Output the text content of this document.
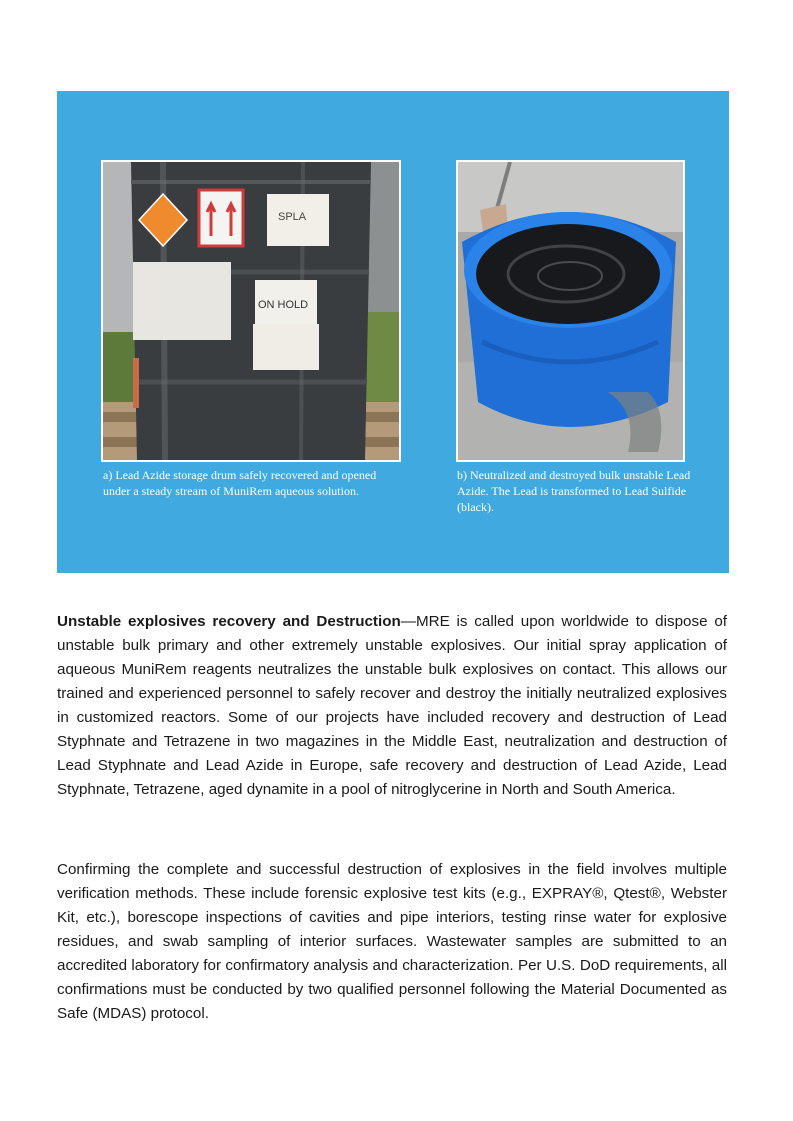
SPLA
ON HOLD
a) Lead Azide storage drum safely recovered and opened under a steady stream of MuniRem aqueous solution.
b) Neutralized and destroyed bulk unstable Lead Azide. The Lead is transformed to Lead Sulfide (black).

Unstable explosives recovery and Destruction—MRE is called upon worldwide to dispose of unstable bulk primary and other extremely unstable explosives. Our initial spray application of aqueous MuniRem reagents neutralizes the unstable bulk explosives on contact. This allows our trained and experienced personnel to safely recover and destroy the initially neutralized explosives in customized reactors. Some of our projects have included recovery and destruction of Lead Styphnate and Tetrazene in two magazines in the Middle East, neutralization and destruction of Lead Styphnate and Lead Azide in Europe, safe recovery and destruction of Lead Azide, Lead Styphnate, Tetrazene, aged dynamite in a pool of nitroglycerine in North and South America.

Confirming the complete and successful destruction of explosives in the field involves multiple verification methods. These include forensic explosive test kits (e.g., EXPRAY®, Qtest®, Webster Kit, etc.), borescope inspections of cavities and pipe interiors, testing rinse water for explosive residues, and swab sampling of interior surfaces. Wastewater samples are submitted to an accredited laboratory for confirmatory analysis and characterization. Per U.S. DoD requirements, all confirmations must be conducted by two qualified personnel following the Material Documented as Safe (MDAS) protocol.
